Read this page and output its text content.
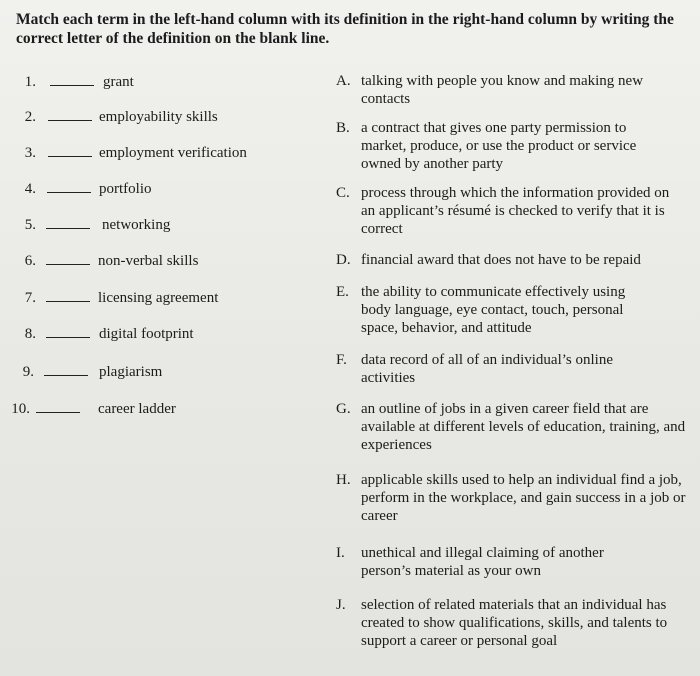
Match each term in the left-hand column with its definition in the right-hand column by writing the correct letter of the definition on the blank line.
1.	grant
2.	employability skills
3.	employment verification
4.	portfolio
5.	networking
6.	non-verbal skills
7.	licensing agreement
8.	digital footprint
9.	plagiarism
10.	career ladder
A. talking with people you know and making new contacts
B. a contract that gives one party permission to market, produce, or use the product or service owned by another party
C. process through which the information provided on an applicant’s résumé is checked to verify that it is correct
D. financial award that does not have to be repaid
E. the ability to communicate effectively using body language, eye contact, touch, personal space, behavior, and attitude
F. data record of all of an individual’s online activities
G. an outline of jobs in a given career field that are available at different levels of education, training, and experiences
H. applicable skills used to help an individual find a job, perform in the workplace, and gain success in a job or career
I. unethical and illegal claiming of another person’s material as your own
J. selection of related materials that an individual has created to show qualifications, skills, and talents to support a career or personal goal
